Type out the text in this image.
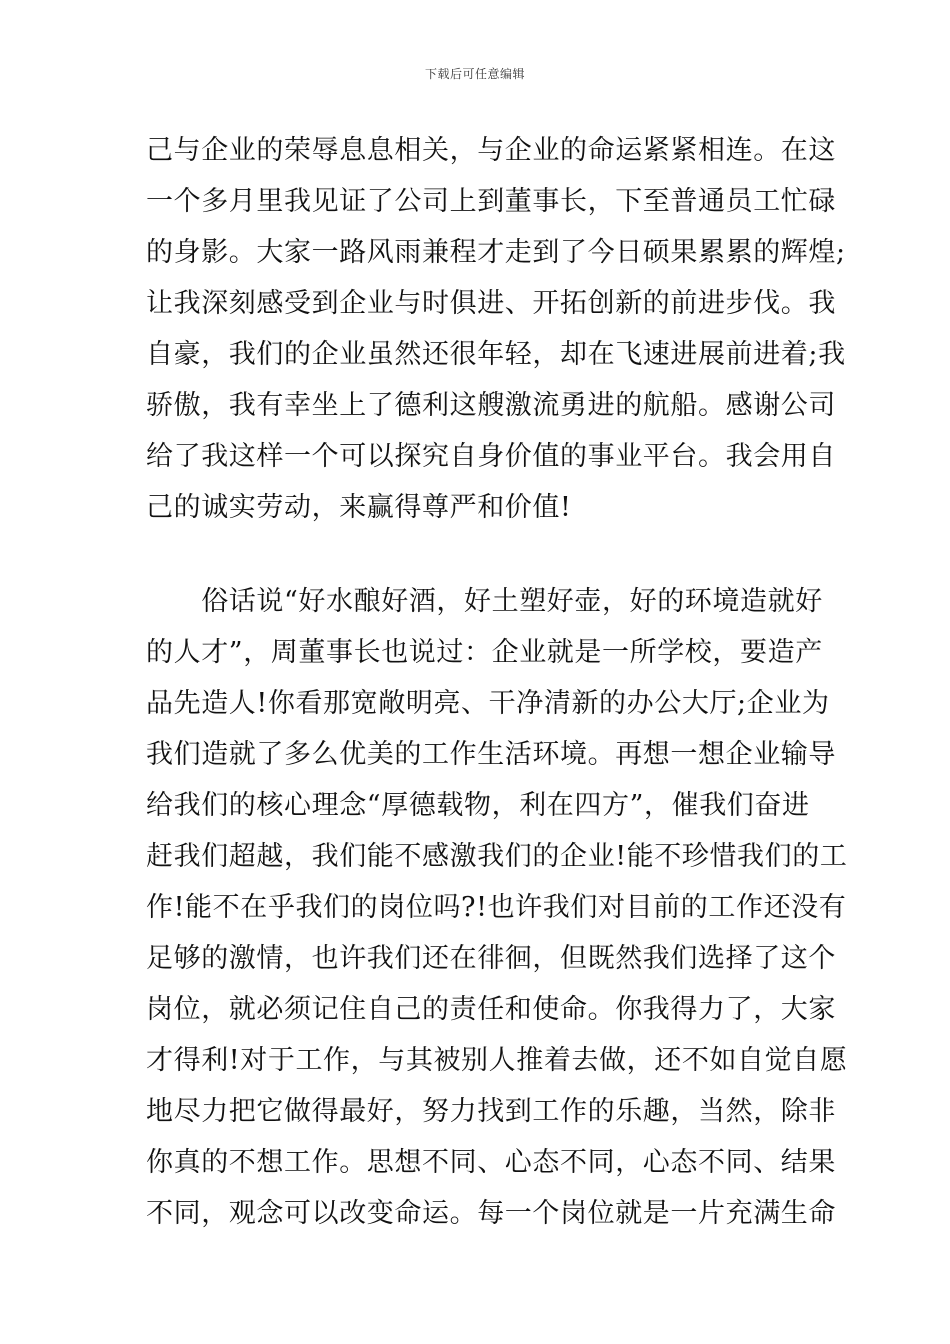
下载后可任意编辑
己与企业的荣辱息息相关，与企业的命运紧紧相连。在这
一个多月里我见证了公司上到董事长，下至普通员工忙碌
的身影。大家一路风雨兼程才走到了今日硕果累累的辉煌;
让我深刻感受到企业与时俱进、开拓创新的前进步伐。我
自豪，我们的企业虽然还很年轻，却在飞速进展前进着;我
骄傲，我有幸坐上了德利这艘激流勇进的航船。感谢公司
给了我这样一个可以探究自身价值的事业平台。我会用自
己的诚实劳动，来赢得尊严和价值!
　　俗话说“好水酿好酒，好土塑好壶，好的环境造就好
的人才”，周董事长也说过：企业就是一所学校，要造产
品先造人!你看那宽敞明亮、干净清新的办公大厅;企业为
我们造就了多么优美的工作生活环境。再想一想企业输导
给我们的核心理念“厚德载物，利在四方”，催我们奋进
赶我们超越，我们能不感激我们的企业!能不珍惜我们的工
作!能不在乎我们的岗位吗?!也许我们对目前的工作还没有
足够的激情，也许我们还在徘徊，但既然我们选择了这个
岗位，就必须记住自己的责任和使命。你我得力了，大家
才得利!对于工作，与其被别人推着去做，还不如自觉自愿
地尽力把它做得最好，努力找到工作的乐趣，当然，除非
你真的不想工作。思想不同、心态不同，心态不同、结果
不同，观念可以改变命运。每一个岗位就是一片充满生命
